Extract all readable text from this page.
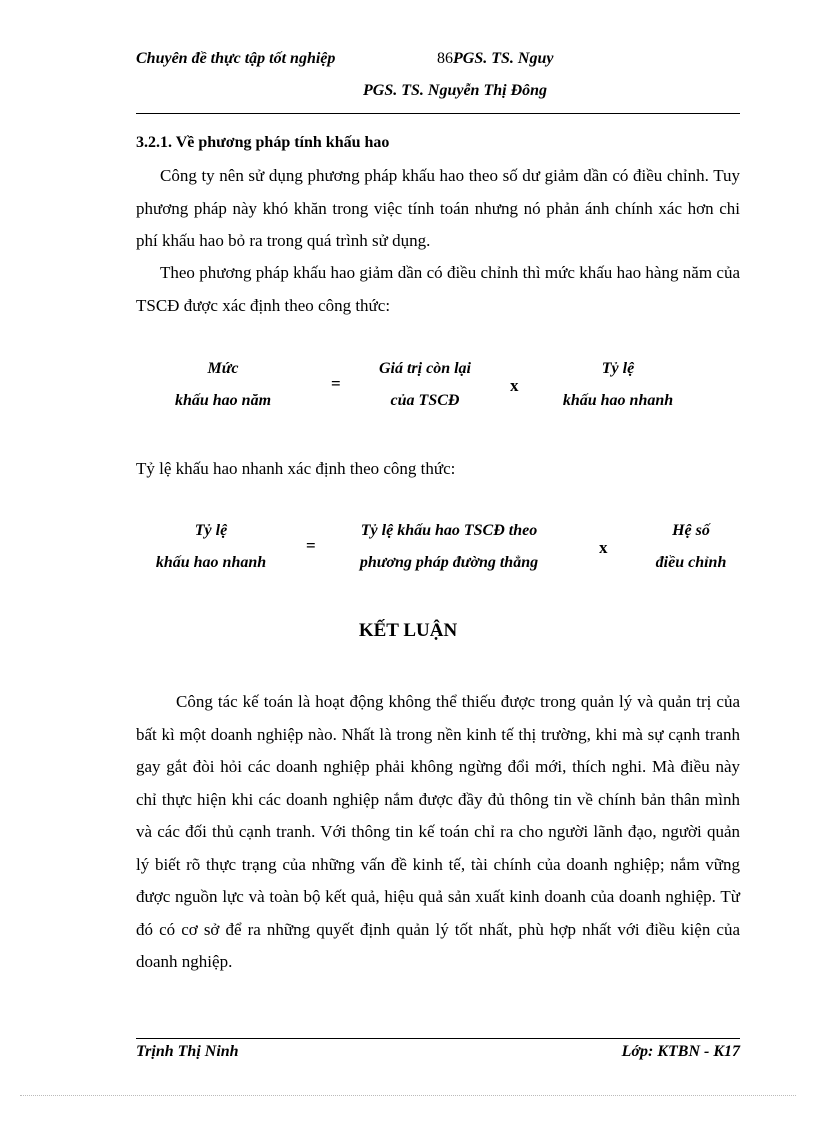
Chuyên đề thực tập tốt nghiệp	86PGS. TS. Nguy
PGS. TS. Nguyễn Thị Đông
3.2.1. Về phương pháp tính khấu hao
Công ty nên sử dụng phương pháp khấu hao theo số dư giảm dần có điều chỉnh. Tuy phương pháp này khó khăn trong việc tính toán nhưng nó phản ánh chính xác hơn chi phí khấu hao bỏ ra trong quá trình sử dụng.
Theo phương pháp khấu hao giảm dần có điều chỉnh thì mức khấu hao hàng năm của TSCĐ được xác định theo công thức:
Mức
khấu hao năm
=
Giá trị còn lại
của TSCĐ
x
Tỷ lệ
khấu hao nhanh
Tỷ lệ khấu hao nhanh xác định theo công thức:
Tỷ lệ
khấu hao nhanh
=
Tỷ lệ khấu hao TSCĐ theo
phương pháp đường thẳng
x
Hệ số
điều chỉnh
KẾT LUẬN
Công tác kế toán là hoạt động không thể thiếu được trong quản lý và quản trị của bất kì một doanh nghiệp nào. Nhất là trong nền kinh tế thị trường, khi mà sự cạnh tranh gay gắt đòi hỏi các doanh nghiệp phải không ngừng đổi mới, thích nghi. Mà điều này chỉ thực hiện khi các doanh nghiệp nắm được đầy đủ thông tin về chính bản thân mình và các đối thủ cạnh tranh. Với thông tin kế toán chỉ ra cho người lãnh đạo, người quản lý biết rõ thực trạng của những vấn đề kinh tế, tài chính của doanh nghiệp; nắm vững được nguồn lực và toàn bộ kết quả, hiệu quả sản xuất kinh doanh của doanh nghiệp. Từ đó có cơ sở để ra những quyết định quản lý tốt nhất, phù hợp nhất với điều kiện của doanh nghiệp.
Trịnh Thị Ninh	Lớp: KTBN - K17
